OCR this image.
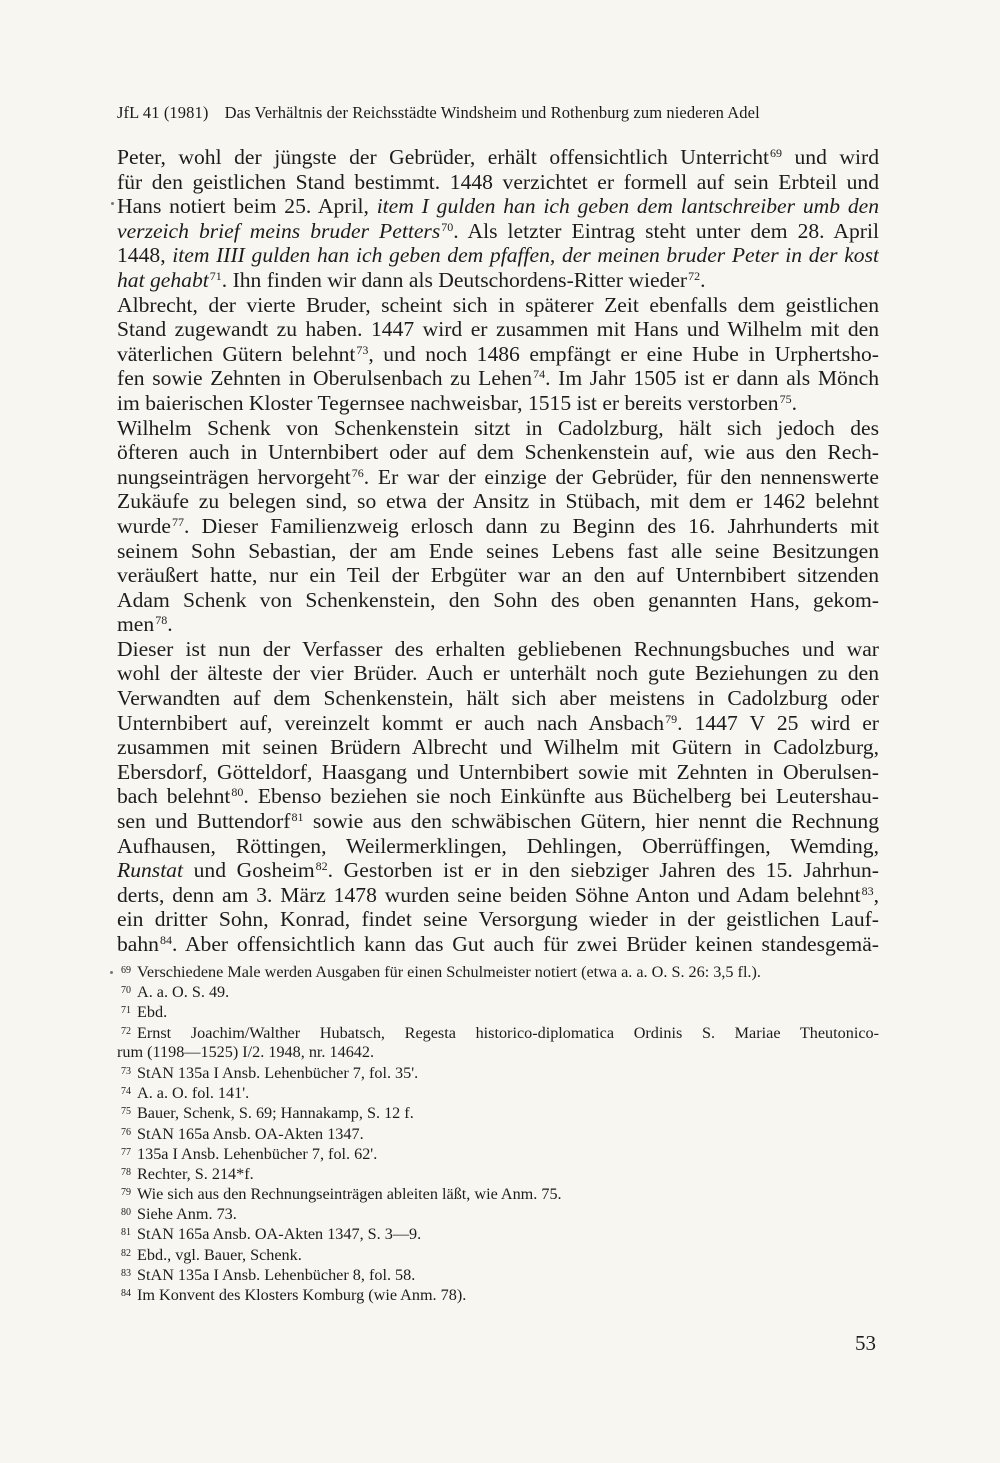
JfL 41 (1981) Das Verhältnis der Reichsstädte Windsheim und Rothenburg zum niederen Adel
Peter, wohl der jüngste der Gebrüder, erhält offensichtlich Unterricht$^{69}$ und wird
für den geistlichen Stand bestimmt. 1448 verzichtet er formell auf sein Erbteil und
Hans notiert beim 25. April, item I gulden han ich geben dem lantschreiber umb den
verzeich brief meins bruder Petters$^{70}$. Als letzter Eintrag steht unter dem 28. April
1448, item IIII gulden han ich geben dem pfaffen, der meinen bruder Peter in der kost
hat gehabt$^{71}$. Ihn finden wir dann als Deutschordens-Ritter wieder$^{72}$.
Albrecht, der vierte Bruder, scheint sich in späterer Zeit ebenfalls dem geistlichen
Stand zugewandt zu haben. 1447 wird er zusammen mit Hans und Wilhelm mit den
väterlichen Gütern belehnt$^{73}$, und noch 1486 empfängt er eine Hube in Urphertsho-
fen sowie Zehnten in Oberulsenbach zu Lehen$^{74}$. Im Jahr 1505 ist er dann als Mönch
im baierischen Kloster Tegernsee nachweisbar, 1515 ist er bereits verstorben$^{75}$.
Wilhelm Schenk von Schenkenstein sitzt in Cadolzburg, hält sich jedoch des
öfteren auch in Unternbibert oder auf dem Schenkenstein auf, wie aus den Rech-
nungseinträgen hervorgeht$^{76}$. Er war der einzige der Gebrüder, für den nennenswerte
Zukäufe zu belegen sind, so etwa der Ansitz in Stübach, mit dem er 1462 belehnt
wurde$^{77}$. Dieser Familienzweig erlosch dann zu Beginn des 16. Jahrhunderts mit
seinem Sohn Sebastian, der am Ende seines Lebens fast alle seine Besitzungen
veräußert hatte, nur ein Teil der Erbgüter war an den auf Unternbibert sitzenden
Adam Schenk von Schenkenstein, den Sohn des oben genannten Hans, gekom-
men$^{78}$.
Dieser ist nun der Verfasser des erhalten gebliebenen Rechnungsbuches und war
wohl der älteste der vier Brüder. Auch er unterhält noch gute Beziehungen zu den
Verwandten auf dem Schenkenstein, hält sich aber meistens in Cadolzburg oder
Unternbibert auf, vereinzelt kommt er auch nach Ansbach$^{79}$. 1447 V 25 wird er
zusammen mit seinen Brüdern Albrecht und Wilhelm mit Gütern in Cadolzburg,
Ebersdorf, Götteldorf, Haasgang und Unternbibert sowie mit Zehnten in Oberulsen-
bach belehnt$^{80}$. Ebenso beziehen sie noch Einkünfte aus Büchelberg bei Leutershau-
sen und Buttendorf$^{81}$ sowie aus den schwäbischen Gütern, hier nennt die Rechnung
Aufhausen, Röttingen, Weilermerklingen, Dehlingen, Oberrüffingen, Wemding,
Runstat und Gosheim$^{82}$. Gestorben ist er in den siebziger Jahren des 15. Jahrhun-
derts, denn am 3. März 1478 wurden seine beiden Söhne Anton und Adam belehnt$^{83}$,
ein dritter Sohn, Konrad, findet seine Versorgung wieder in der geistlichen Lauf-
bahn$^{84}$. Aber offensichtlich kann das Gut auch für zwei Brüder keinen standesgemä-
$^{69}$ Verschiedene Male werden Ausgaben für einen Schulmeister notiert (etwa a. a. O. S. 26: 3,5 fl.).
$^{70}$ A. a. O. S. 49.
$^{71}$ Ebd.
$^{72}$ Ernst Joachim/Walther Hubatsch, Regesta historico-diplomatica Ordinis S. Mariae Theutonico-
rum (1198—1525) I/2. 1948, nr. 14642.
$^{73}$ StAN 135a I Ansb. Lehenbücher 7, fol. 35'.
$^{74}$ A. a. O. fol. 141'.
$^{75}$ Bauer, Schenk, S. 69; Hannakamp, S. 12 f.
$^{76}$ StAN 165a Ansb. OA-Akten 1347.
$^{77}$ 135a I Ansb. Lehenbücher 7, fol. 62'.
$^{78}$ Rechter, S. 214*f.
$^{79}$ Wie sich aus den Rechnungseinträgen ableiten läßt, wie Anm. 75.
$^{80}$ Siehe Anm. 73.
$^{81}$ StAN 165a Ansb. OA-Akten 1347, S. 3—9.
$^{82}$ Ebd., vgl. Bauer, Schenk.
$^{83}$ StAN 135a I Ansb. Lehenbücher 8, fol. 58.
$^{84}$ Im Konvent des Klosters Komburg (wie Anm. 78).
53
